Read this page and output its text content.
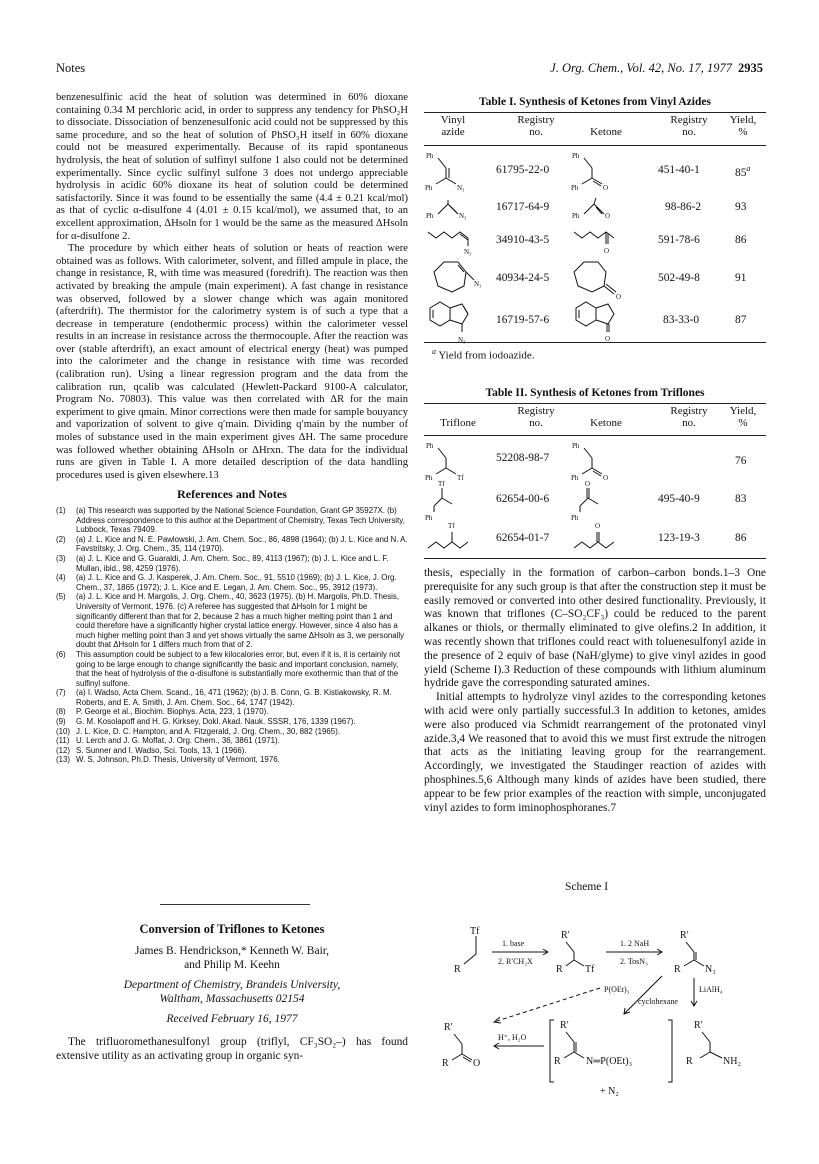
Notes	J. Org. Chem., Vol. 42, No. 17, 1977 2935

benzenesulfinic acid the heat of solution was determined in 60% dioxane containing 0.34 M perchloric acid, in order to suppress any tendency for PhSO₂H to dissociate. Dissociation of benzenesulfonic acid could not be suppressed by this same procedure, and so the heat of solution of PhSO₃H itself in 60% dioxane could not be measured experimentally. Because of its rapid spontaneous hydrolysis, the heat of solution of sulfinyl sulfone 1 also could not be determined experimentally. Since cyclic sulfinyl sulfone 3 does not undergo appreciable hydrolysis in acidic 60% dioxane its heat of solution could be determined satisfactorily. Since it was found to be essentially the same (4.4 ± 0.21 kcal/mol) as that of cyclic α-disulfone 4 (4.01 ± 0.15 kcal/mol), we assumed that, to an excellent approximation, ΔHsoln for 1 would be the same as the measured ΔHsoln for α-disulfone 2.

The procedure by which either heats of solution or heats of reaction were obtained was as follows. With calorimeter, solvent, and filled ampule in place, the change in resistance, R, with time was measured (foredrift). The reaction was then activated by breaking the ampule (main experiment). A fast change in resistance was observed, followed by a slower change which was again monitored (afterdrift). The thermistor for the calorimetry system is of such a type that a decrease in temperature (endothermic process) within the calorimeter vessel results in an increase in resistance across the thermocouple. After the reaction was over (stable afterdrift), an exact amount of electrical energy (heat) was pumped into the calorimeter and the change in resistance with time was recorded (calibration run). Using a linear regression program and the data from the calibration run, qcalib was calculated (Hewlett-Packard 9100-A calculator, Program No. 70803). This value was then correlated with ΔR for the main experiment to give qmain. Minor corrections were then made for sample bouyancy and vaporization of solvent to give q′main. Dividing q′main by the number of moles of substance used in the main experiment gives ΔH. The same procedure was followed whether obtaining ΔHsoln or ΔHrxn. The data for the individual runs are given in Table I. A more detailed description of the data handling procedures used is given elsewhere.13

References and Notes
(1)	(a) This research was supported by the National Science Foundation, Grant GP 35927X. (b) Address correspondence to this author at the Department of Chemistry, Texas Tech University, Lubbock, Texas 79409.
(2)	(a) J. L. Kice and N. E. Pawlowski, J. Am. Chem. Soc., 86, 4898 (1964); (b) J. L. Kice and N. A. Favstritsky, J. Org. Chem., 35, 114 (1970).
(3)	(a) J. L. Kice and G. Guaraldi, J. Am. Chem. Soc., 89, 4113 (1967); (b) J. L. Kice and L. F. Mullan, ibid., 98, 4259 (1976).
(4)	(a) J. L. Kice and G. J. Kasperek, J. Am. Chem. Soc., 91, 5510 (1969); (b) J. L. Kice, J. Org. Chem., 37, 1865 (1972); J. L. Kice and E. Legan, J. Am. Chem. Soc., 95, 3912 (1973).
(5)	(a) J. L. Kice and H. Margolis, J. Org. Chem., 40, 3623 (1975). (b) H. Margolis, Ph.D. Thesis, University of Vermont, 1976. (c) A referee has suggested that ΔHsoln for 1 might be significantly different than that for 2, because 2 has a much higher melting point than 1 and could therefore have a significantly higher crystal lattice energy. However, since 4 also has a much higher melting point than 3 and yet shows virtually the same ΔHsoln as 3, we personally doubt that ΔHsoln for 1 differs much from that of 2.
(6)	This assumption could be subject to a few kilocalories error, but, even if it is, it is certainly not going to be large enough to change significantly the basic and important conclusion, namely, that the heat of hydrolysis of the α-disulfone is substantially more exothermic than that of the sulfinyl sulfone.
(7)	(a) I. Wadso, Acta Chem. Scand., 16, 471 (1962); (b) J. B. Conn, G. B. Kistiakowsky, R. M. Roberts, and E. A. Smith, J. Am. Chem. Soc., 64, 1747 (1942).
(8)	P. George et al., Biochim. Biophys. Acta, 223, 1 (1970).
(9)	G. M. Kosolapoff and H. G. Kirksey, Dokl. Akad. Nauk. SSSR, 176, 1339 (1967).
(10) J. L. Kice, D. C. Hampton, and A. Fitzgerald, J. Org. Chem., 30, 882 (1965).
(11) U. Lerch and J. G. Moffat, J. Org. Chem., 36, 3861 (1971).
(12) S. Sunner and I. Wadso, Sci. Tools, 13, 1 (1966).
(13) W. S. Johnson, Ph.D. Thesis, University of Vermont, 1976.
Conversion of Triflones to Ketones
James B. Hendrickson,* Kenneth W. Bair,
and Philip M. Keehn
Department of Chemistry, Brandeis University,
Waltham, Massachusetts 02154
Received February 16, 1977
The trifluoromethanesulfonyl group (triflyl, CF₃SO₂–) has found extensive utility as an activating group in organic syn-
Table I. Synthesis of Ketones from Vinyl Azides
Vinyl
azide
Registry
no.	Ketone
Registry
no.
Yield,
%
61795-22-0	451-40-1	85$^a$
16717-64-9	98-86-2	93
34910-43-5	591-78-6	86
40934-24-5	502-49-8	91
16719-57-6	83-33-0	87
$^a$ Yield from iodoazide.
Ph
Ph	N₃
Ph
Ph	O
Ph	N₃	Ph	O
N₃	O
N₃
O
N₃	O
Table II. Synthesis of Ketones from Triflones
Triflone
Registry
no.	Ketone
Registry
no.
Yield,
%
52208-98-7	76
62654-00-6	495-40-9	83
62654-01-7	123-19-3	86
Ph
Ph	Tf
Ph
Ph	O
Tf
Ph
O
Ph
Tf	O

thesis, especially in the formation of carbon–carbon bonds.1–3 One prerequisite for any such group is that after the construction step it must be easily removed or converted into other desired functionality. Previously, it was known that triflones (C–SO₂CF₃) could be reduced to the parent alkanes or thiols, or thermally eliminated to give olefins.2 In addition, it was recently shown that triflones could react with toluenesulfonyl azide in the presence of 2 equiv of base (NaH/glyme) to give vinyl azides in good yield (Scheme I).3 Reduction of these compounds with lithium aluminum hydride gave the corresponding saturated amines.

Initial attempts to hydrolyze vinyl azides to the corresponding ketones with acid were only partially successful.3 In addition to ketones, amides were also produced via Schmidt rearrangement of the protonated vinyl azide.3,4 We reasoned that to avoid this we must first extrude the nitrogen that acts as the initiating leaving group for the rearrangement. Accordingly, we investigated the Staudinger reaction of azides with phosphines.5,6 Although many kinds of azides have been studied, there appear to be few prior examples of the reaction with simple, unconjugated vinyl azides to form iminophosphoranes.7

Scheme I
Tf
R
1. base
2. R′CH₂X
R′
R Tf
1. 2 NaH
2. TosN₃
R′
R N₃
LiAlH₄
P(OEt)₃
cyclohexane
R′
R O
H⁺, H₂O
R′
R	N═P(OEt)₃
+ N₂
R′
R	NH₂
